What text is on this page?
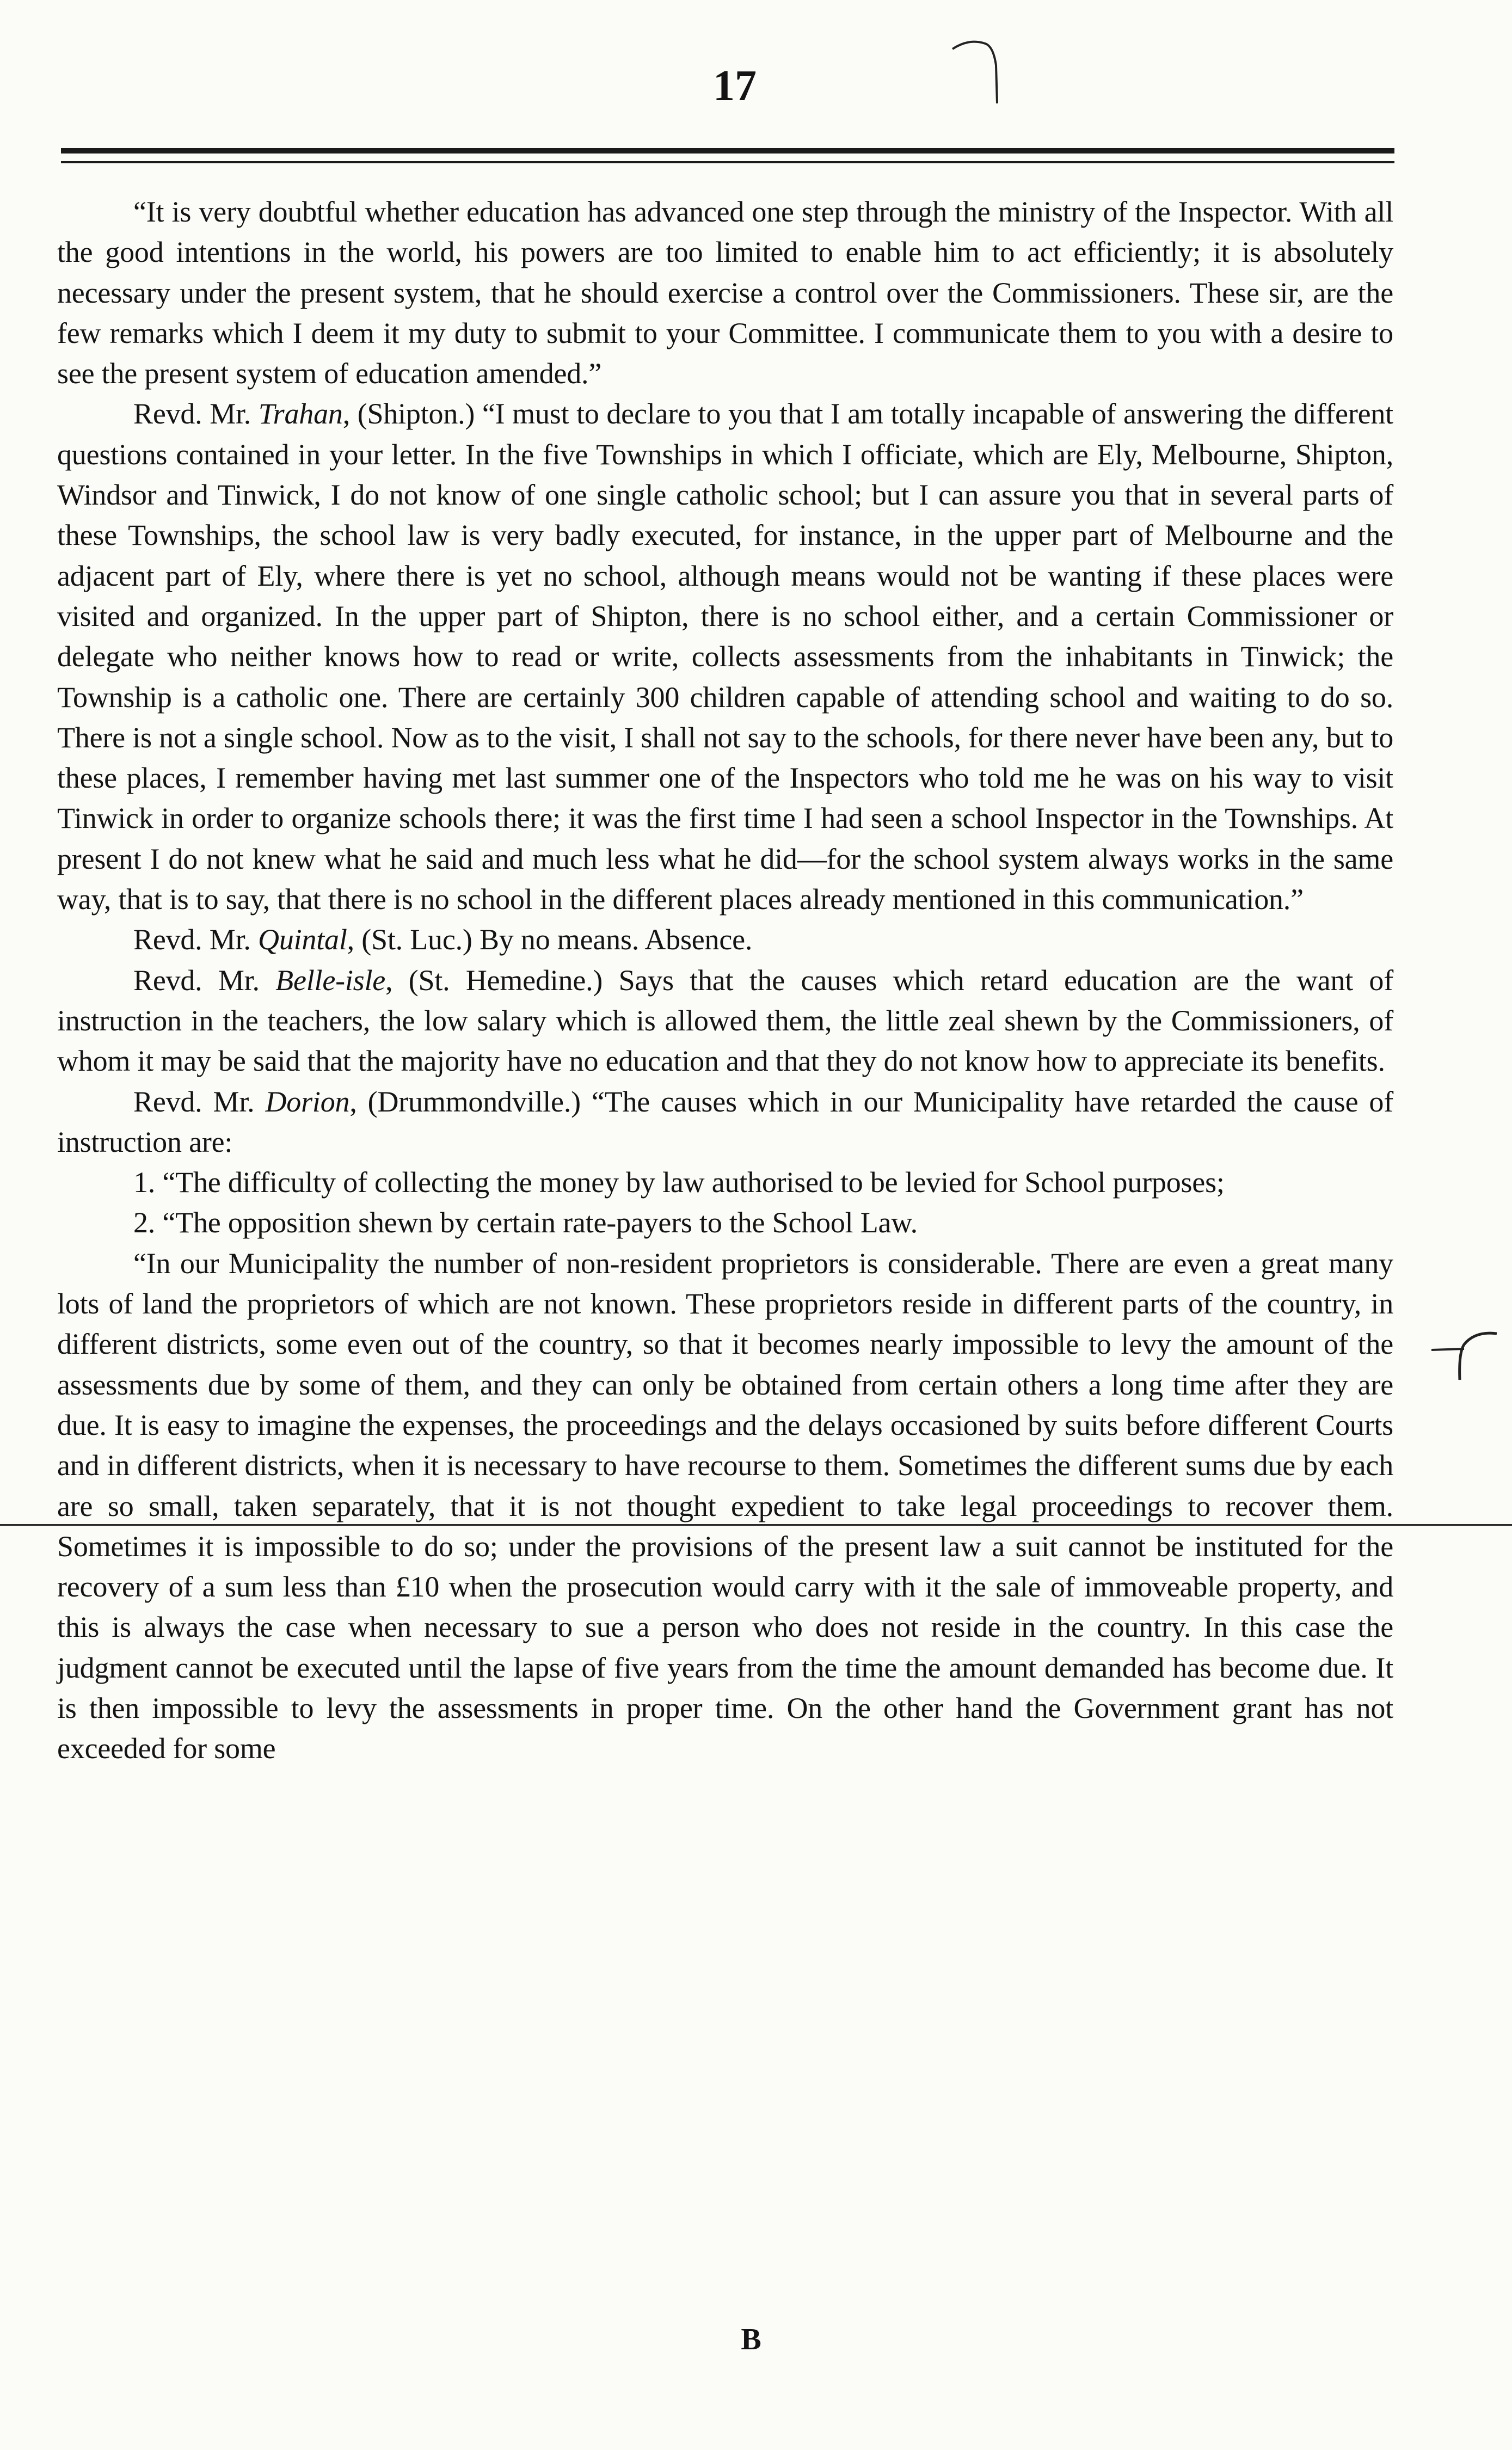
17

“It is very doubtful whether education has advanced one step through the ministry of the Inspector. With all the good intentions in the world, his powers are too limited to enable him to act efficiently; it is absolutely necessary under the present system, that he should exercise a control over the Commissioners. These sir, are the few remarks which I deem it my duty to submit to your Committee. I communicate them to you with a desire to see the present system of education amended.”

Revd. Mr. Trahan, (Shipton.) “I must to declare to you that I am totally incapable of answering the different questions contained in your letter. In the five Townships in which I officiate, which are Ely, Melbourne, Shipton, Windsor and Tinwick, I do not know of one single catholic school; but I can assure you that in several parts of these Townships, the school law is very badly executed, for instance, in the upper part of Melbourne and the adjacent part of Ely, where there is yet no school, although means would not be wanting if these places were visited and organized. In the upper part of Shipton, there is no school either, and a certain Commissioner or delegate who neither knows how to read or write, collects assessments from the inhabitants in Tinwick; the Township is a catholic one. There are certainly 300 children capable of attending school and waiting to do so. There is not a single school. Now as to the visit, I shall not say to the schools, for there never have been any, but to these places, I remember having met last summer one of the Inspectors who told me he was on his way to visit Tinwick in order to organize schools there; it was the first time I had seen a school Inspector in the Townships. At present I do not knew what he said and much less what he did—for the school system always works in the same way, that is to say, that there is no school in the different places already mentioned in this communication.”

Revd. Mr. Quintal, (St. Luc.) By no means. Absence.

Revd. Mr. Belle-isle, (St. Hemedine.) Says that the causes which retard education are the want of instruction in the teachers, the low salary which is allowed them, the little zeal shewn by the Commissioners, of whom it may be said that the majority have no education and that they do not know how to appreciate its benefits.

Revd. Mr. Dorion, (Drummondville.) “The causes which in our Municipality have retarded the cause of instruction are:

1. “The difficulty of collecting the money by law authorised to be levied for School purposes;

2. “The opposition shewn by certain rate-payers to the School Law.

“In our Municipality the number of non-resident proprietors is considerable. There are even a great many lots of land the proprietors of which are not known. These proprietors reside in different parts of the country, in different districts, some even out of the country, so that it becomes nearly impossible to levy the amount of the assessments due by some of them, and they can only be obtained from certain others a long time after they are due. It is easy to imagine the expenses, the proceedings and the delays occasioned by suits before different Courts and in different districts, when it is necessary to have recourse to them. Sometimes the different sums due by each are so small, taken separately, that it is not thought expedient to take legal proceedings to recover them. Sometimes it is impossible to do so; under the provisions of the present law a suit cannot be instituted for the recovery of a sum less than £10 when the prosecution would carry with it the sale of immoveable property, and this is always the case when necessary to sue a person who does not reside in the country. In this case the judgment cannot be executed until the lapse of five years from the time the amount demanded has become due. It is then impossible to levy the assessments in proper time. On the other hand the Government grant has not exceeded for some

B
